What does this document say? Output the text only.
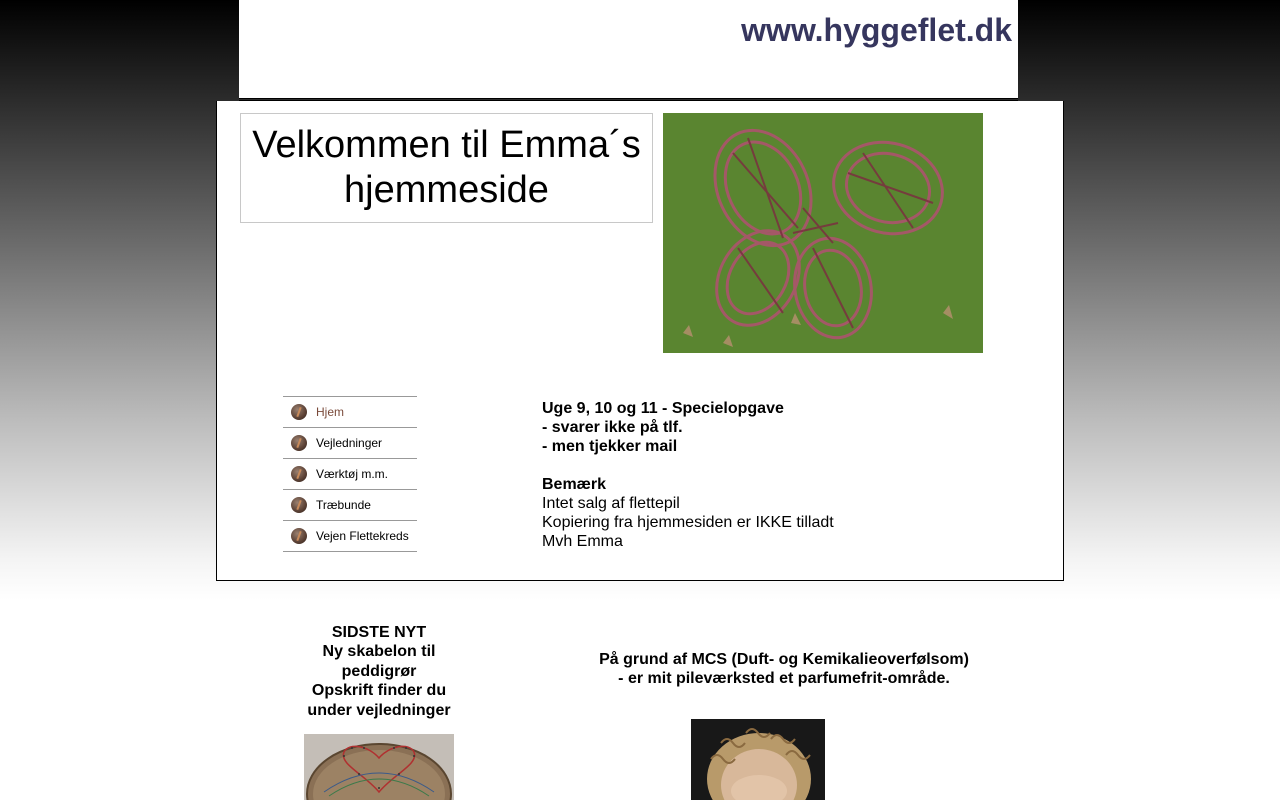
www.hyggeflet.dk
Velkommen til Emma´s
hjemmeside
Hjem
Vejledninger
Værktøj m.m.
Træbunde
Vejen Flettekreds
Uge 9, 10 og 11 - Specielopgave
- svarer ikke på tlf.
- men tjekker mail
Bemærk
Intet salg af flettepil
Kopiering fra hjemmesiden er IKKE tilladt
Mvh Emma
SIDSTE NYT
Ny skabelon til
peddigrør
Opskrift finder du
under vejledninger
På grund af MCS (Duft- og Kemikalieoverfølsom)
- er mit pileværksted et parfumefrit-område.
